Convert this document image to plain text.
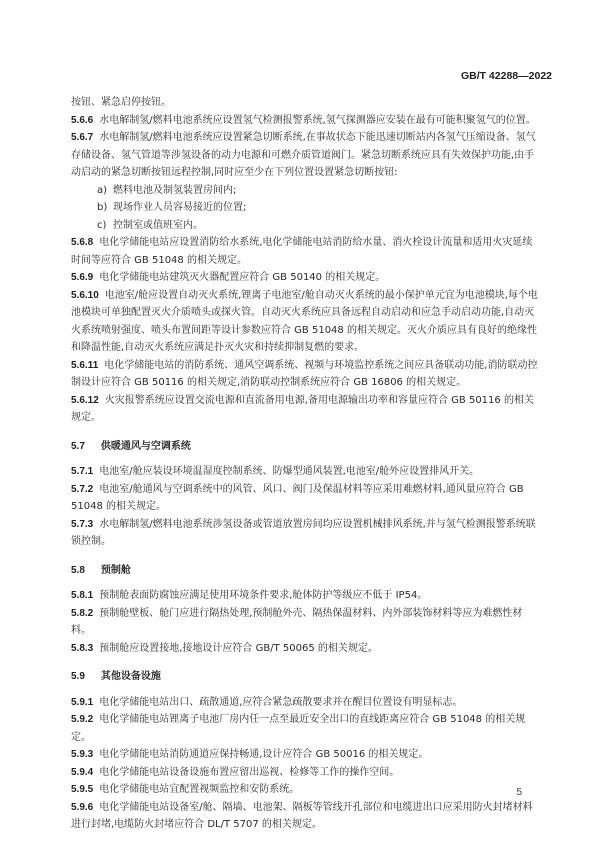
GB/T 42288—2022
按钮、紧急启停按钮。
5.6.6 水电解制氢/燃料电池系统应设置氢气检测报警系统,氢气探测器应安装在最有可能积聚氢气的位置。
5.6.7 水电解制氢/燃料电池系统应设置紧急切断系统,在事故状态下能迅速切断站内各氢气压缩设备、氢气存储设备、氢气管道等涉氢设备的动力电源和可燃介质管道阀门。紧急切断系统应具有失效保护功能,由手动启动的紧急切断按钮远程控制,同时应至少在下列位置设置紧急切断按钮:
a) 燃料电池及制氢装置房间内;
b) 现场作业人员容易接近的位置;
c) 控制室或值班室内。
5.6.8 电化学储能电站应设置消防给水系统,电化学储能电站消防给水量、消火栓设计流量和适用火灾延续时间等应符合 GB 51048 的相关规定。
5.6.9 电化学储能电站建筑灭火器配置应符合 GB 50140 的相关规定。
5.6.10 电池室/舱应设置自动灭火系统,锂离子电池室/舱自动灭火系统的最小保护单元宜为电池模块,每个电池模块可单独配置灭火介质喷头或探火管。自动灭火系统应具备远程自动启动和应急手动启动功能,自动灭火系统喷射强度、喷头布置间距等设计参数应符合 GB 51048 的相关规定。灭火介质应具有良好的绝缘性和降温性能,自动灭火系统应满足扑灭火灾和持续抑制复燃的要求。
5.6.11 电化学储能电站的消防系统、通风空调系统、视频与环境监控系统之间应具备联动功能,消防联动控制设计应符合 GB 50116 的相关规定,消防联动控制系统应符合 GB 16806 的相关规定。
5.6.12 火灾报警系统应设置交流电源和直流备用电源,备用电源输出功率和容量应符合 GB 50116 的相关规定。
5.7 供暖通风与空调系统
5.7.1 电池室/舱应装设环境温湿度控制系统、防爆型通风装置,电池室/舱外应设置排风开关。
5.7.2 电池室/舱通风与空调系统中的风管、风口、阀门及保温材料等应采用难燃材料,通风量应符合 GB 51048 的相关规定。
5.7.3 水电解制氢/燃料电池系统涉氢设备或管道放置房间均应设置机械排风系统,并与氢气检测报警系统联锁控制。
5.8 预制舱
5.8.1 预制舱表面防腐蚀应满足使用环境条件要求,舱体防护等级应不低于 IP54。
5.8.2 预制舱壁板、舱门应进行隔热处理,预制舱外壳、隔热保温材料、内外部装饰材料等应为难燃性材料。
5.8.3 预制舱应设置接地,接地设计应符合 GB/T 50065 的相关规定。
5.9 其他设备设施
5.9.1 电化学储能电站出口、疏散通道,应符合紧急疏散要求并在醒目位置设有明显标志。
5.9.2 电化学储能电站锂离子电池厂房内任一点至最近安全出口的直线距离应符合 GB 51048 的相关规定。
5.9.3 电化学储能电站消防通道应保持畅通,设计应符合 GB 50016 的相关规定。
5.9.4 电化学储能电站设备设施布置应留出巡视、检修等工作的操作空间。
5.9.5 电化学储能电站宜配置视频监控和安防系统。
5.9.6 电化学储能电站设备室/舱、隔墙、电池架、隔板等管线开孔部位和电缆进出口应采用防火封堵材料进行封堵,电缆防火封堵应符合 DL/T 5707 的相关规定。
5
